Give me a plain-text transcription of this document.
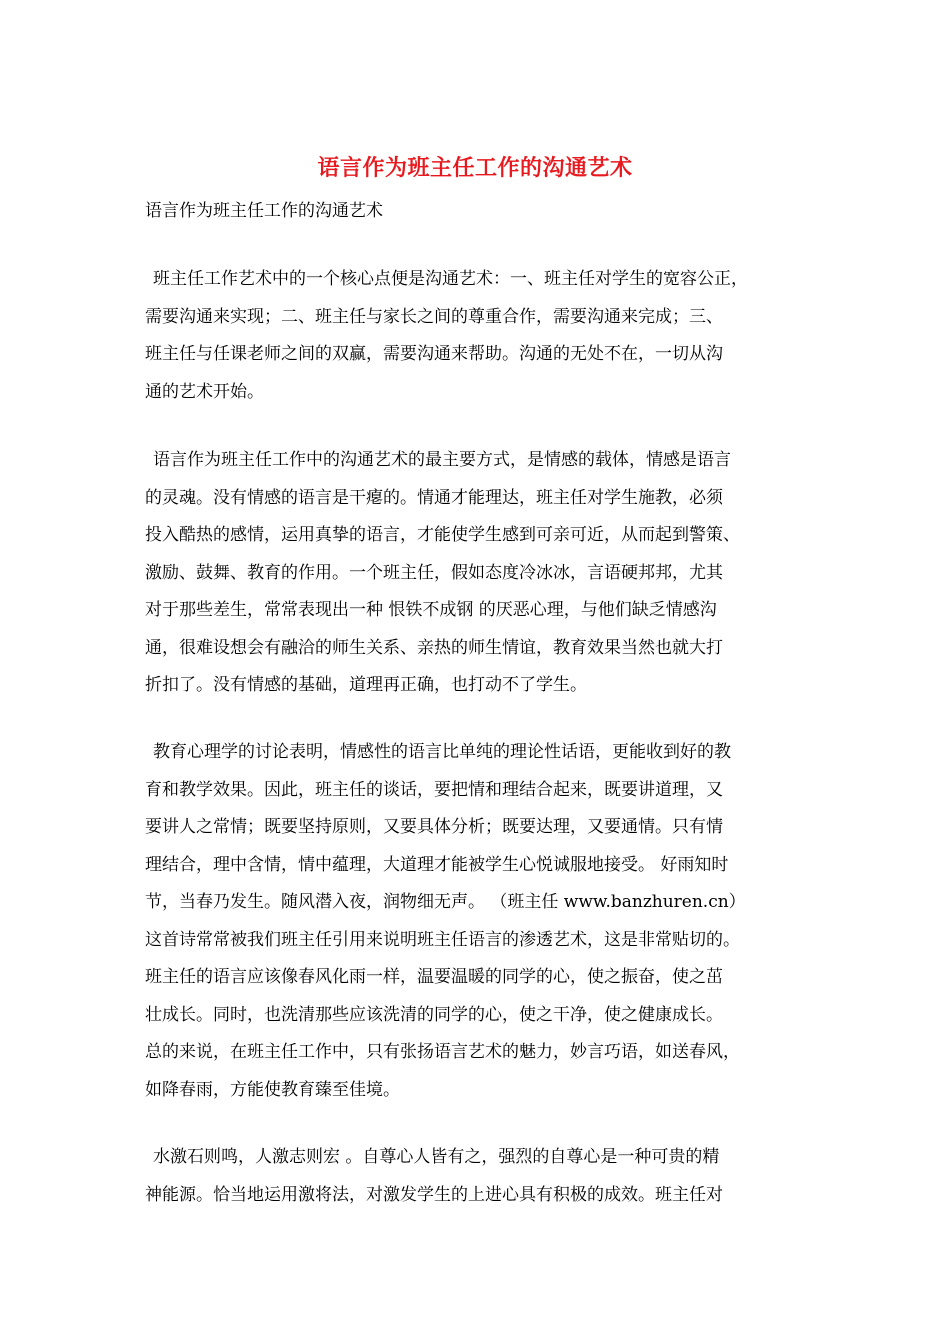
语言作为班主任工作的沟通艺术
语言作为班主任工作的沟通艺术
班主任工作艺术中的一个核心点便是沟通艺术：一、班主任对学生的宽容公正，
需要沟通来实现；二、班主任与家长之间的尊重合作，需要沟通来完成；三、
班主任与任课老师之间的双赢，需要沟通来帮助。沟通的无处不在，一切从沟
通的艺术开始。
语言作为班主任工作中的沟通艺术的最主要方式，是情感的载体，情感是语言
的灵魂。没有情感的语言是干瘪的。情通才能理达，班主任对学生施教，必须
投入酷热的感情，运用真挚的语言，才能使学生感到可亲可近，从而起到警策、
激励、鼓舞、教育的作用。一个班主任，假如态度冷冰冰，言语硬邦邦，尤其
对于那些差生，常常表现出一种 恨铁不成钢 的厌恶心理，与他们缺乏情感沟
通，很难设想会有融洽的师生关系、亲热的师生情谊，教育效果当然也就大打
折扣了。没有情感的基础，道理再正确，也打动不了学生。
教育心理学的讨论表明，情感性的语言比单纯的理论性话语，更能收到好的教
育和教学效果。因此，班主任的谈话，要把情和理结合起来，既要讲道理，又
要讲人之常情；既要坚持原则，又要具体分析；既要达理，又要通情。只有情
理结合，理中含情，情中蕴理，大道理才能被学生心悦诚服地接受。 好雨知时
节，当春乃发生。随风潜入夜，润物细无声。 （班主任 www.banzhuren.cn）
这首诗常常被我们班主任引用来说明班主任语言的渗透艺术，这是非常贴切的。
班主任的语言应该像春风化雨一样，温要温暖的同学的心，使之振奋，使之茁
壮成长。同时，也洗清那些应该洗清的同学的心，使之干净，使之健康成长。
总的来说，在班主任工作中，只有张扬语言艺术的魅力，妙言巧语，如送春风，
如降春雨，方能使教育臻至佳境。
水激石则鸣，人激志则宏 。自尊心人皆有之，强烈的自尊心是一种可贵的精
神能源。恰当地运用激将法，对激发学生的上进心具有积极的成效。班主任对
